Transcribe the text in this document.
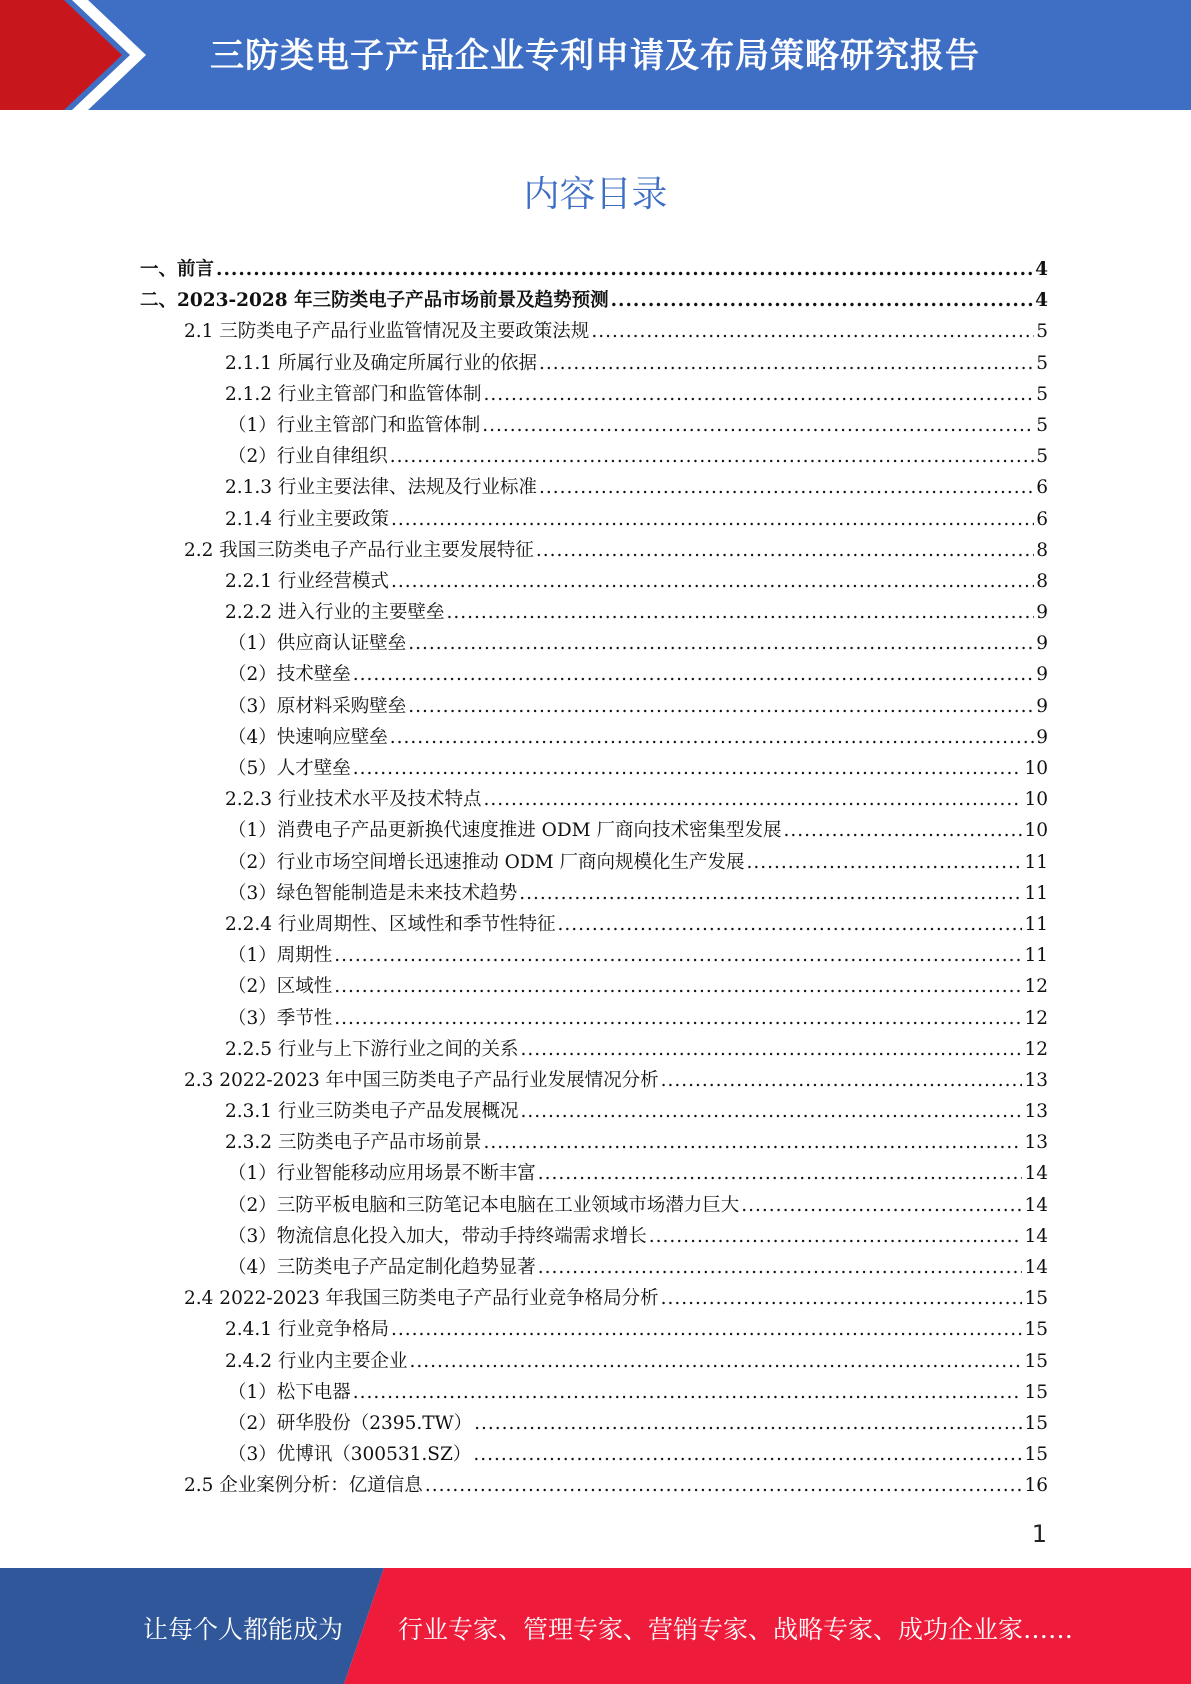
三防类电子产品企业专利申请及布局策略研究报告
内容目录
一、前言 .....	4
二、2023-2028 年三防类电子产品市场前景及趋势预测 .....	4
2.1 三防类电子产品行业监管情况及主要政策法规 .....	5
2.1.1 所属行业及确定所属行业的依据 .....	5
2.1.2 行业主管部门和监管体制 .....	5
（1）行业主管部门和监管体制 .....	5
（2）行业自律组织 .....	5
2.1.3 行业主要法律、法规及行业标准 .....	6
2.1.4 行业主要政策 .....	6
2.2 我国三防类电子产品行业主要发展特征 .....	8
2.2.1 行业经营模式 .....	8
2.2.2 进入行业的主要壁垒 .....	9
（1）供应商认证壁垒 .....	9
（2）技术壁垒 .....	9
（3）原材料采购壁垒 .....	9
（4）快速响应壁垒 .....	9
（5）人才壁垒 .....	10
2.2.3 行业技术水平及技术特点 .....	10
（1）消费电子产品更新换代速度推进 ODM 厂商向技术密集型发展 .....	10
（2）行业市场空间增长迅速推动 ODM 厂商向规模化生产发展 .....	11
（3）绿色智能制造是未来技术趋势 .....	11
2.2.4 行业周期性、区域性和季节性特征 .....	11
（1）周期性 .....	11
（2）区域性 .....	12
（3）季节性 .....	12
2.2.5 行业与上下游行业之间的关系 .....	12
2.3 2022-2023 年中国三防类电子产品行业发展情况分析 .....	13
2.3.1 行业三防类电子产品发展概况 .....	13
2.3.2 三防类电子产品市场前景 .....	13
（1）行业智能移动应用场景不断丰富 .....	14
（2）三防平板电脑和三防笔记本电脑在工业领域市场潜力巨大 .....	14
（3）物流信息化投入加大，带动手持终端需求增长 .....	14
（4）三防类电子产品定制化趋势显著 .....	14
2.4 2022-2023 年我国三防类电子产品行业竞争格局分析 .....	15
2.4.1 行业竞争格局 .....	15
2.4.2 行业内主要企业 .....	15
（1）松下电器 .....	15
（2）研华股份（2395.TW） .....	15
（3）优博讯（300531.SZ） .....	15
2.5 企业案例分析：亿道信息 .....	16
1
让每个人都能成为 行业专家、管理专家、营销专家、战略专家、成功企业家……
